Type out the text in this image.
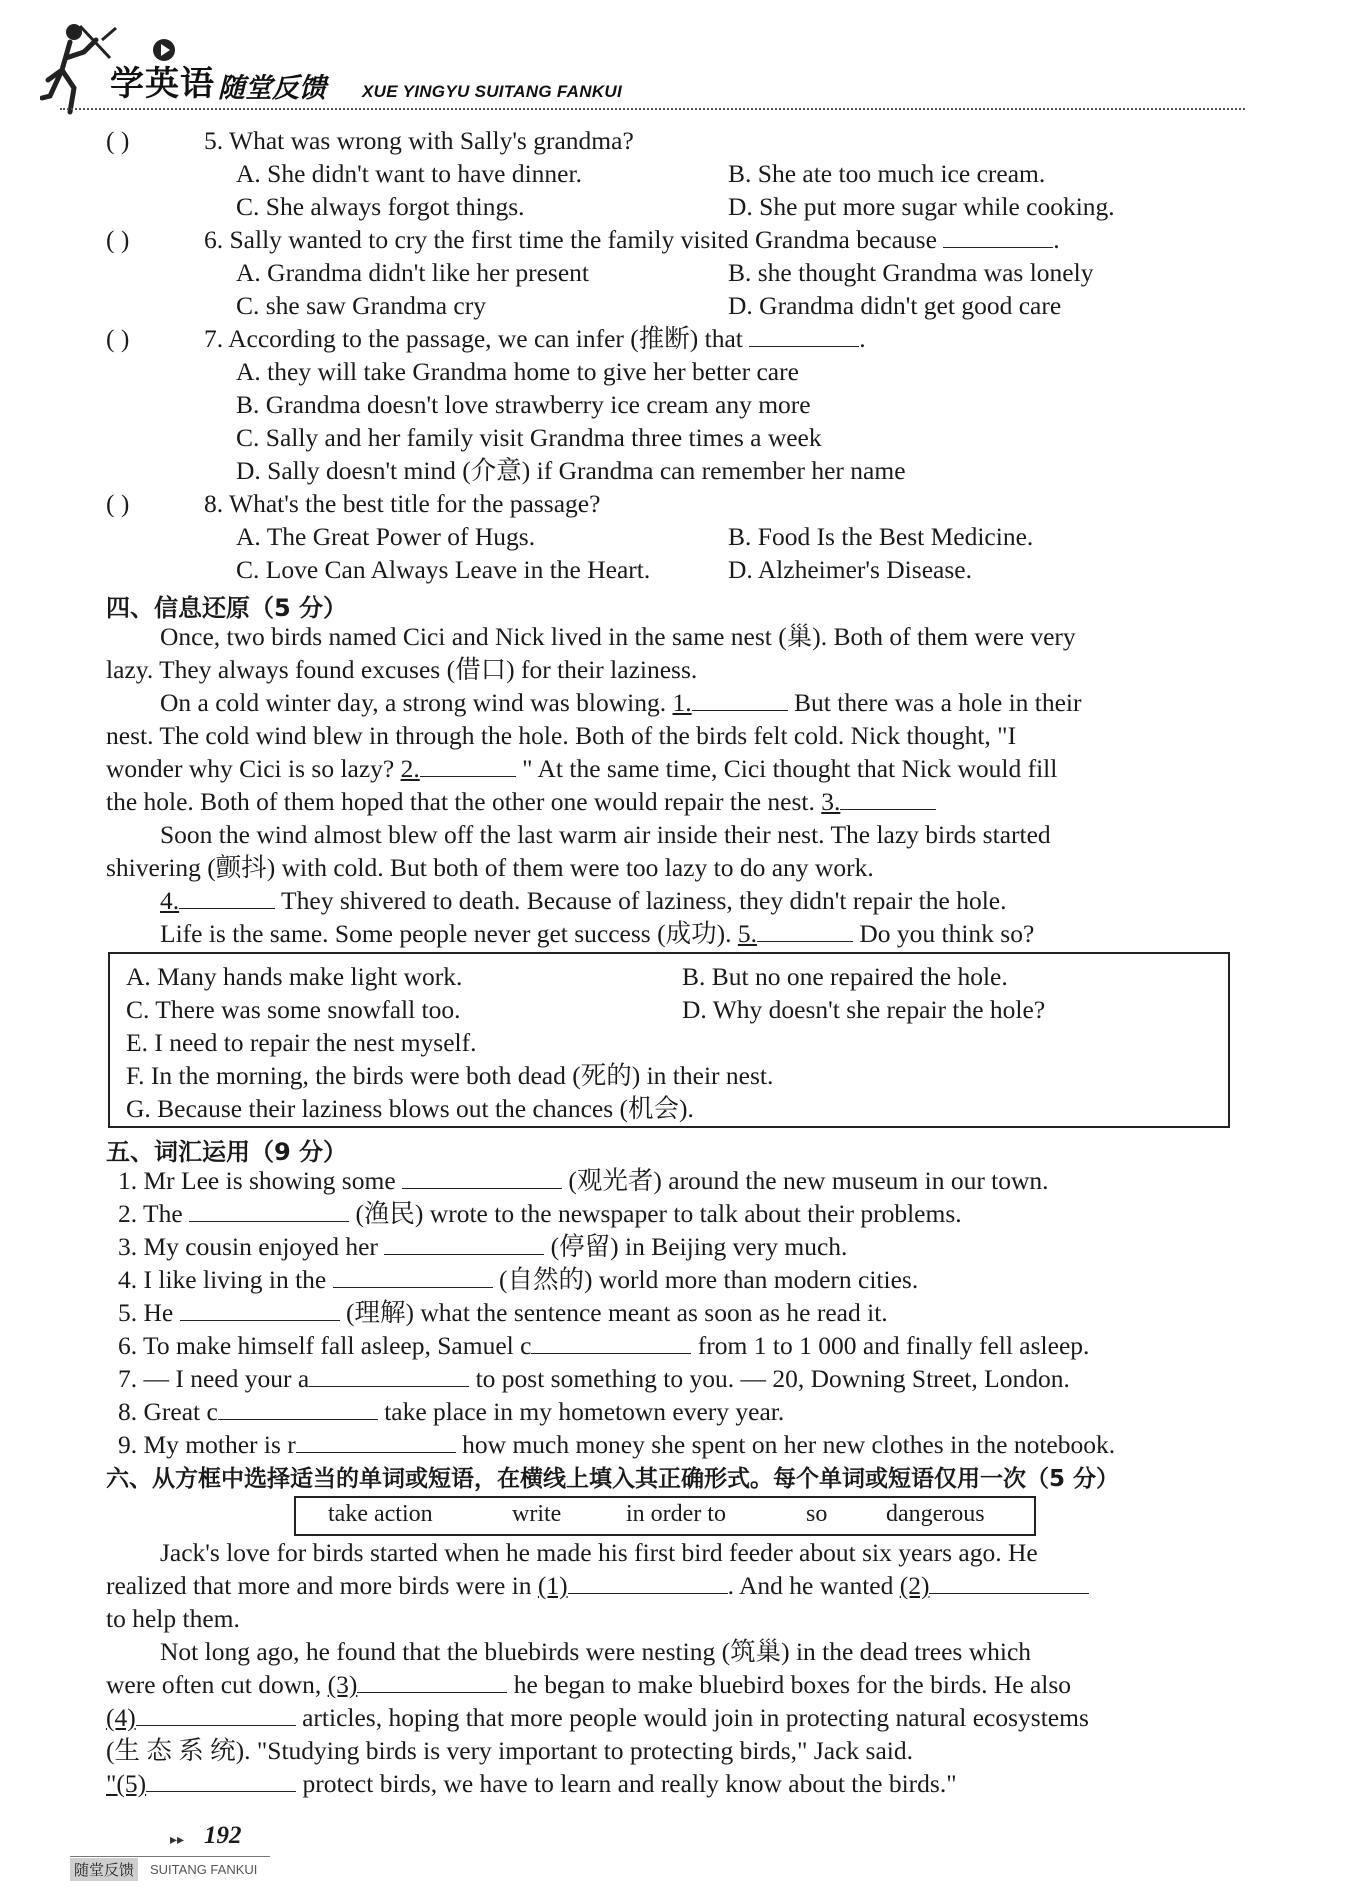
学英语 随堂反馈 XUE YINGYU SUITANG FANKUI
( )	5. What was wrong with Sally's grandma?
A. She didn't want to have dinner.	B. She ate too much ice cream.
C. She always forgot things.	D. She put more sugar while cooking.
( )	6. Sally wanted to cry the first time the family visited Grandma because	.
A. Grandma didn't like her present	B. she thought Grandma was lonely
C. she saw Grandma cry	D. Grandma didn't get good care
( )	7. According to the passage, we can infer (推断) that	.
A. they will take Grandma home to give her better care
B. Grandma doesn't love strawberry ice cream any more
C. Sally and her family visit Grandma three times a week
D. Sally doesn't mind (介意) if Grandma can remember her name
( )	8. What's the best title for the passage?
A. The Great Power of Hugs.	B. Food Is the Best Medicine.
C. Love Can Always Leave in the Heart.	D. Alzheimer's Disease.
四、信息还原（5 分）
Once, two birds named Cici and Nick lived in the same nest (巢). Both of them were very
lazy. They always found excuses (借口) for their laziness.
On a cold winter day, a strong wind was blowing. 1.	But there was a hole in their
nest. The cold wind blew in through the hole. Both of the birds felt cold. Nick thought, "I
wonder why Cici is so lazy? 2.	" At the same time, Cici thought that Nick would fill
the hole. Both of them hoped that the other one would repair the nest. 3.
Soon the wind almost blew off the last warm air inside their nest. The lazy birds started
shivering (颤抖) with cold. But both of them were too lazy to do any work.
4.	They shivered to death. Because of laziness, they didn't repair the hole.
Life is the same. Some people never get success (成功). 5.	Do you think so?
A. Many hands make light work.	B. But no one repaired the hole.
C. There was some snowfall too.	D. Why doesn't she repair the hole?
E. I need to repair the nest myself.
F. In the morning, the birds were both dead (死的) in their nest.
G. Because their laziness blows out the chances (机会).
五、词汇运用（9 分）
1. Mr Lee is showing some	(观光者) around the new museum in our town.
2. The	(渔民) wrote to the newspaper to talk about their problems.
3. My cousin enjoyed her	(停留) in Beijing very much.
4. I like living in the	(自然的) world more than modern cities.
5. He	(理解) what the sentence meant as soon as he read it.
6. To make himself fall asleep, Samuel c	from 1 to 1 000 and finally fell asleep.
7. — I need your a	to post something to you. — 20, Downing Street, London.
8. Great c	take place in my hometown every year.
9. My mother is r	how much money she spent on her new clothes in the notebook.
六、从方框中选择适当的单词或短语，在横线上填入其正确形式。每个单词或短语仅用一次（5 分）
take action	write	in order to	so dangerous
Jack's love for birds started when he made his first bird feeder about six years ago. He
realized that more and more birds were in (1)	. And he wanted (2)
to help them.
Not long ago, he found that the bluebirds were nesting (筑巢) in the dead trees which
were often cut down, (3)	he began to make bluebird boxes for the birds. He also
(4)	articles, hoping that more people would join in protecting natural ecosystems
(生 态 系 统). "Studying birds is very important to protecting birds," Jack said.
"(5)	protect birds, we have to learn and really know about the birds."
▸▸ 192
随堂反馈	SUITANG FANKUI
